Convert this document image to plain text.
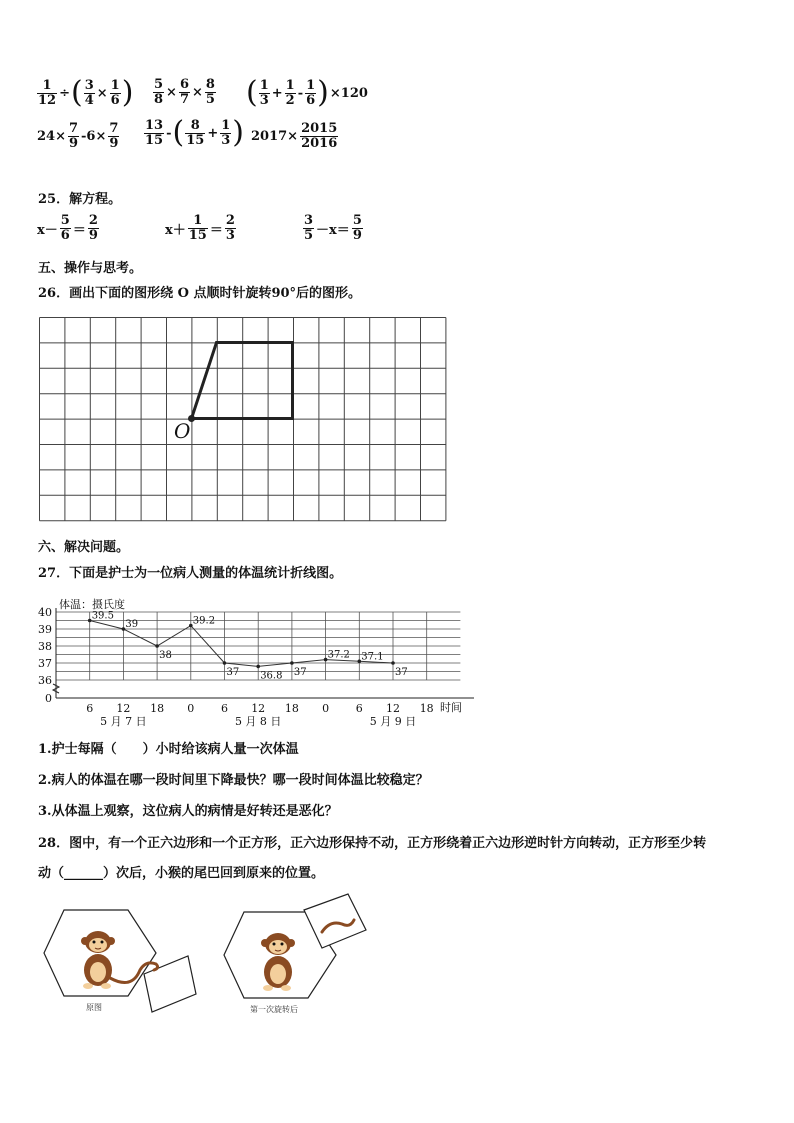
$\frac{1}{12}$ ÷ ( $\frac{3}{4} \times \frac{1}{6}$ ) $\frac{5}{8} \times \frac{6}{7} \times \frac{8}{5}$ ( $\frac{1}{3} + \frac{1}{2} - \frac{1}{6}$ ) ×120
$24\times \frac{7}{9} -6\times \frac{7}{9} \frac{13}{15}$ - ( $\frac{8}{15} + \frac{1}{3}$ ) $2017\times \frac{2015}{2016}$
25．解方程。
$x- \frac{5}{6} = \frac{2}{9}$	$x+ \frac{1}{15} = \frac{2}{3}$	$\frac{3}{5} -x= \frac{5}{9}$
五、操作与思考。
26．画出下面的图形绕 O 点顺时针旋转90°后的图形。
O
六、解决问题。
27．下面是护士为一位病人测量的体温统计折线图。
36
37
38
39
40
0
6 12 18 0 6 12 18 0 6 12 18
5 月 7 日	5 月 8 日	5 月 9 日
39.5
39
38
39.2
37 36.8 37
37.2 37.1
37
体温：摄氏度
时间
1.护士每隔（　　）小时给该病人量一次体温
2.病人的体温在哪一段时间里下降最快？哪一段时间体温比较稳定？
3.从体温上观察，这位病人的病情是好转还是恶化？
28．图中，有一个正六边形和一个正方形，正六边形保持不动，正方形绕着正六边形逆时针方向转动，正方形至少转
动（______）次后，小猴的尾巴回到原来的位置。
原图	第一次旋转后
